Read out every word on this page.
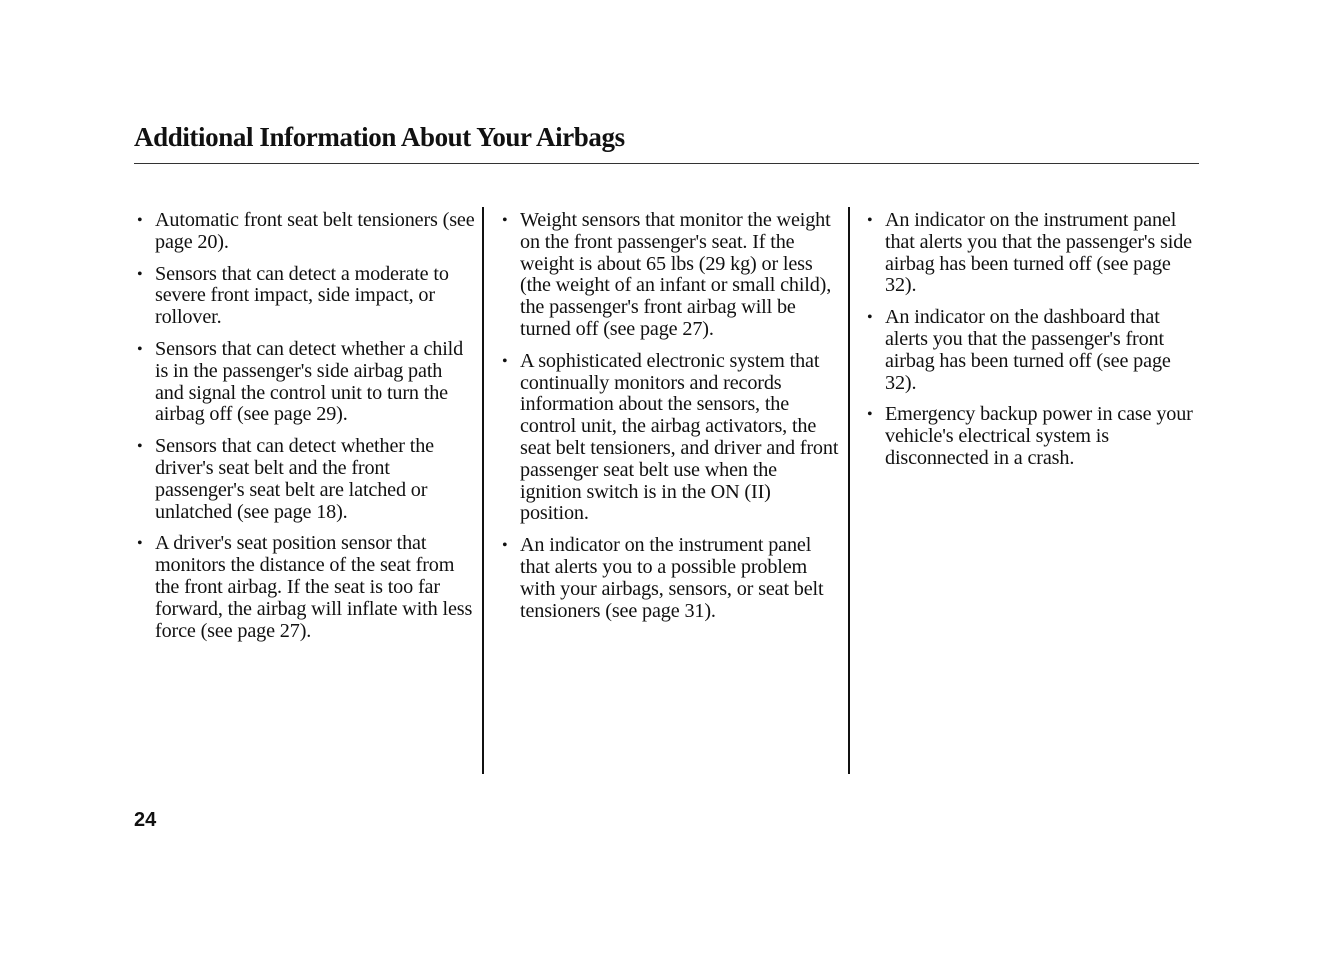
Additional Information About Your Airbags
• Automatic front seat belt tensioners (see page 20).
• Sensors that can detect a moderate to severe front impact, side impact, or rollover.
• Sensors that can detect whether a child is in the passenger's side airbag path and signal the control unit to turn the airbag off (see page 29).
• Sensors that can detect whether the driver's seat belt and the front passenger's seat belt are latched or unlatched (see page 18).
• A driver's seat position sensor that monitors the distance of the seat from the front airbag. If the seat is too far forward, the airbag will inflate with less force (see page 27).
• Weight sensors that monitor the weight on the front passenger's seat. If the weight is about 65 lbs (29 kg) or less (the weight of an infant or small child), the passenger's front airbag will be turned off (see page 27).
• A sophisticated electronic system that continually monitors and records information about the sensors, the control unit, the airbag activators, the seat belt tensioners, and driver and front passenger seat belt use when the ignition switch is in the ON (II) position.
• An indicator on the instrument panel that alerts you to a possible problem with your airbags, sensors, or seat belt tensioners (see page 31).
• An indicator on the instrument panel that alerts you that the passenger's side airbag has been turned off (see page 32).
• An indicator on the dashboard that alerts you that the passenger's front airbag has been turned off (see page 32).
• Emergency backup power in case your vehicle's electrical system is disconnected in a crash.
24
